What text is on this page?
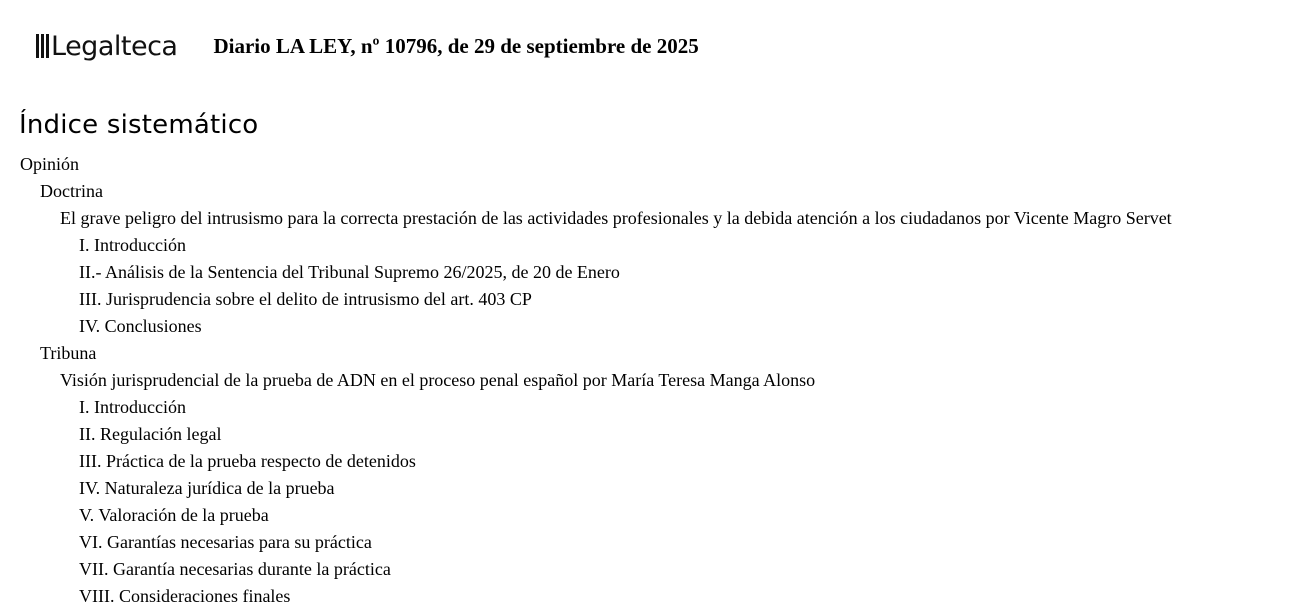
Legalteca Diario LA LEY, nº 10796, de 29 de septiembre de 2025
Índice sistemático
Opinión
Doctrina
El grave peligro del intrusismo para la correcta prestación de las actividades profesionales y la debida atención a los ciudadanos por Vicente Magro Servet
I. Introducción
II.- Análisis de la Sentencia del Tribunal Supremo 26/2025, de 20 de Enero
III. Jurisprudencia sobre el delito de intrusismo del art. 403 CP
IV. Conclusiones
Tribuna
Visión jurisprudencial de la prueba de ADN en el proceso penal español por María Teresa Manga Alonso
I. Introducción
II. Regulación legal
III. Práctica de la prueba respecto de detenidos
IV. Naturaleza jurídica de la prueba
V. Valoración de la prueba
VI. Garantías necesarias para su práctica
VII. Garantía necesarias durante la práctica
VIII. Consideraciones finales
